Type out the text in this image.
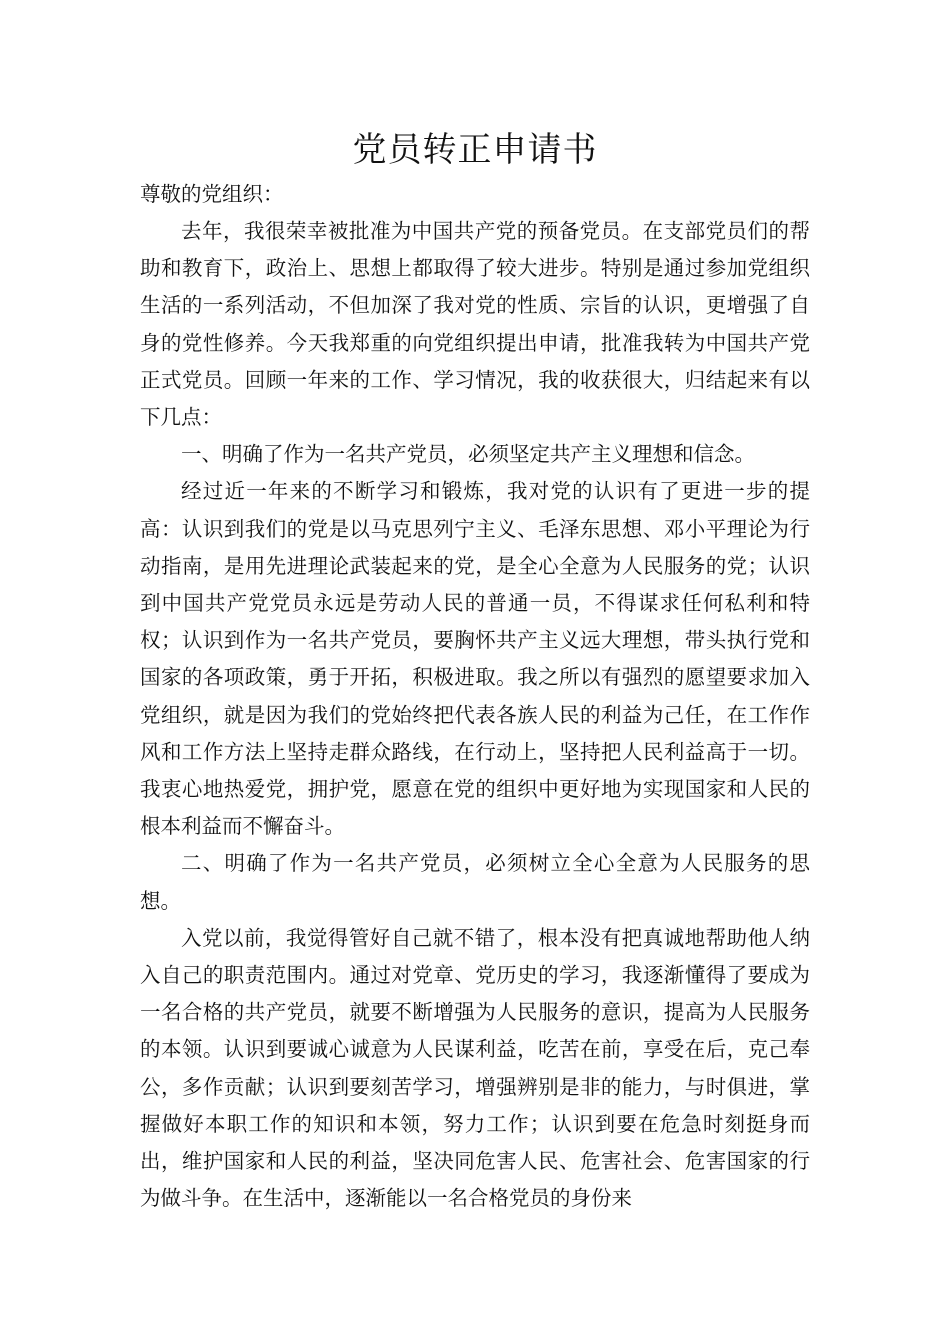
党员转正申请书

尊敬的党组织：

去年，我很荣幸被批准为中国共产党的预备党员。在支部党员们的帮助和教育下，政治上、思想上都取得了较大进步。特别是通过参加党组织生活的一系列活动，不但加深了我对党的性质、宗旨的认识，更增强了自身的党性修养。今天我郑重的向党组织提出申请，批准我转为中国共产党正式党员。回顾一年来的工作、学习情况，我的收获很大，归结起来有以下几点：

一、明确了作为一名共产党员，必须坚定共产主义理想和信念。

经过近一年来的不断学习和锻炼，我对党的认识有了更进一步的提高：认识到我们的党是以马克思列宁主义、毛泽东思想、邓小平理论为行动指南，是用先进理论武装起来的党，是全心全意为人民服务的党；认识到中国共产党党员永远是劳动人民的普通一员，不得谋求任何私利和特权；认识到作为一名共产党员，要胸怀共产主义远大理想，带头执行党和国家的各项政策，勇于开拓，积极进取。我之所以有强烈的愿望要求加入党组织，就是因为我们的党始终把代表各族人民的利益为己任，在工作作风和工作方法上坚持走群众路线，在行动上，坚持把人民利益高于一切。我衷心地热爱党，拥护党，愿意在党的组织中更好地为实现国家和人民的根本利益而不懈奋斗。

二、明确了作为一名共产党员，必须树立全心全意为人民服务的思想。

入党以前，我觉得管好自己就不错了，根本没有把真诚地帮助他人纳入自己的职责范围内。通过对党章、党历史的学习，我逐渐懂得了要成为一名合格的共产党员，就要不断增强为人民服务的意识，提高为人民服务的本领。认识到要诚心诚意为人民谋利益，吃苦在前，享受在后，克己奉公，多作贡献；认识到要刻苦学习，增强辨别是非的能力，与时俱进，掌握做好本职工作的知识和本领，努力工作；认识到要在危急时刻挺身而出，维护国家和人民的利益，坚决同危害人民、危害社会、危害国家的行为做斗争。在生活中，逐渐能以一名合格党员的身份来
